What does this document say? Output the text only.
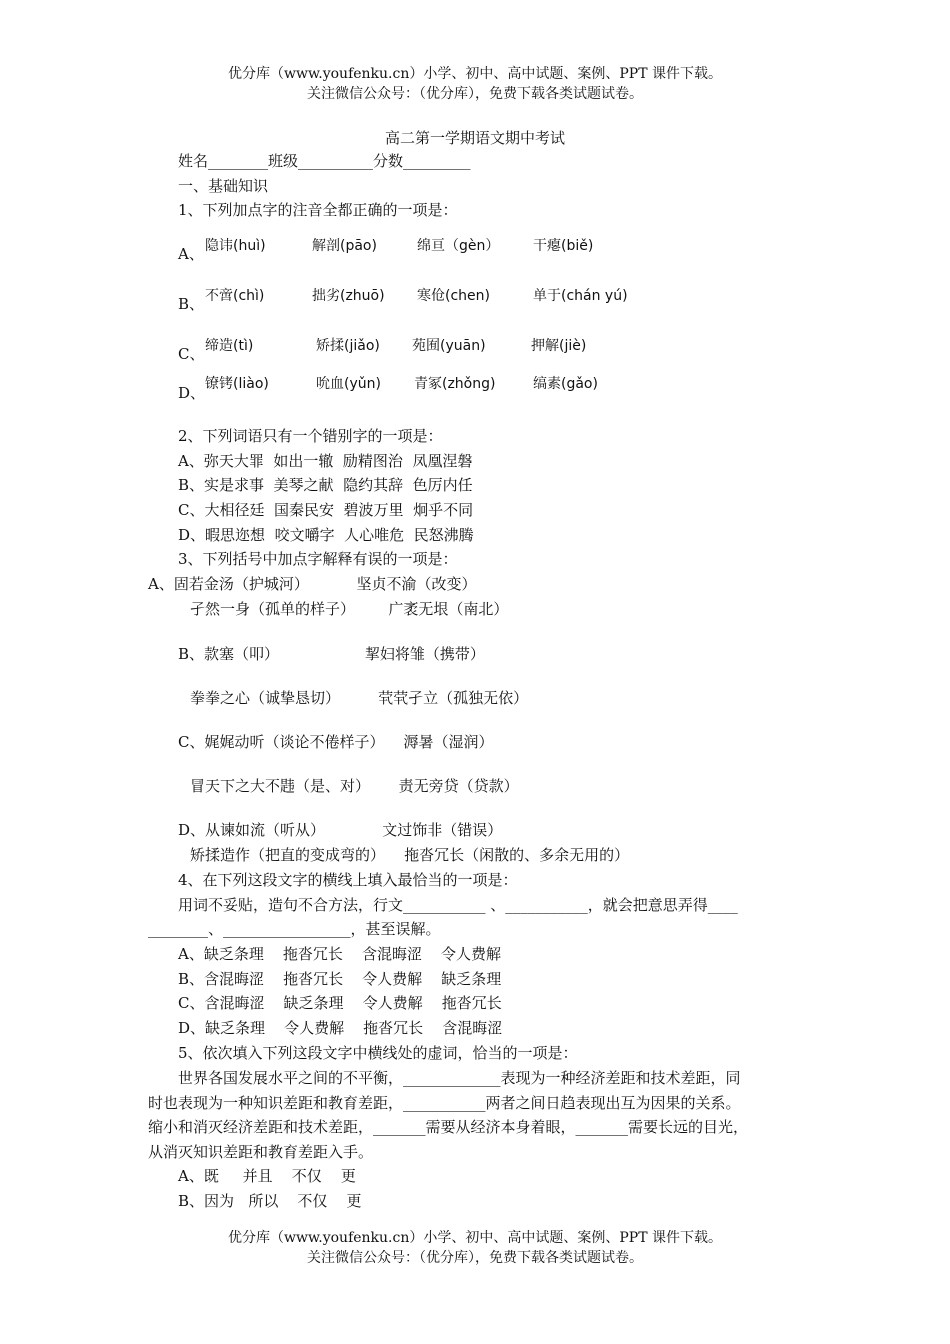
优分库（www.youfenku.cn）小学、初中、高中试题、案例、PPT 课件下载。
关注微信公众号：（优分库），免费下载各类试题试卷。
高二第一学期语文期中考试
姓名________班级__________分数_________
一、基础知识
1、下列加点字的注音全都正确的一项是：
A、 隐讳(huì)	解剖(pāo)	绵亘（gèn） 干瘪(biě)
B、 不啻(chì)	拙劣(zhuō) 寒伧(chen)	单于(chán yú)
C、 缔造(tì)	矫揉(jiǎo) 苑囿(yuān)	押解(jiè)
D、 镣铐(liào)	吮血(yǔn) 青冢(zhǒng)	缟素(gǎo)
2、下列词语只有一个错别字的一项是：
A、弥天大罪  如出一辙  励精图治  凤凰涅磐
B、实是求事  美琴之献  隐约其辞  色厉内任
C、大相径廷  国秦民安  碧波万里  炯乎不同
D、暇思迩想  咬文嚼字  人心唯危  民怒沸腾
3、下列括号中加点字解释有误的一项是：
A、固若金汤（护城河）          坚贞不渝（改变）
孑然一身（孤单的样子）       广袤无垠（南北）
B、款塞（叩）                  挈妇将雏（携带）
拳拳之心（诚挚恳切）        茕茕孑立（孤独无依）
C、娓娓动听（谈论不倦样子）    溽暑（湿润）
冒天下之大不韪（是、对）      责无旁贷（贷款）
D、从谏如流（听从）            文过饰非（错误）
矫揉造作（把直的变成弯的）    拖沓冗长（闲散的、多余无用的）
4、在下列这段文字的横线上填入最恰当的一项是：
用词不妥贴，造句不合方法，行文___________ 、___________，就会把意思弄得____
________、_________________，甚至误解。
A、缺乏条理    拖沓冗长    含混晦涩    令人费解
B、含混晦涩    拖沓冗长    令人费解    缺乏条理
C、含混晦涩    缺乏条理    令人费解    拖沓冗长
D、缺乏条理    令人费解    拖沓冗长    含混晦涩
5、依次填入下列这段文字中横线处的虚词，恰当的一项是：
世界各国发展水平之间的不平衡，_____________表现为一种经济差距和技术差距，同
时也表现为一种知识差距和教育差距，___________两者之间日趋表现出互为因果的关系。
缩小和消灭经济差距和技术差距，_______需要从经济本身着眼，_______需要长远的目光，
从消灭知识差距和教育差距入手。
A、既     并且    不仅    更
B、因为   所以    不仅    更
优分库（www.youfenku.cn）小学、初中、高中试题、案例、PPT 课件下载。
关注微信公众号：（优分库），免费下载各类试题试卷。
